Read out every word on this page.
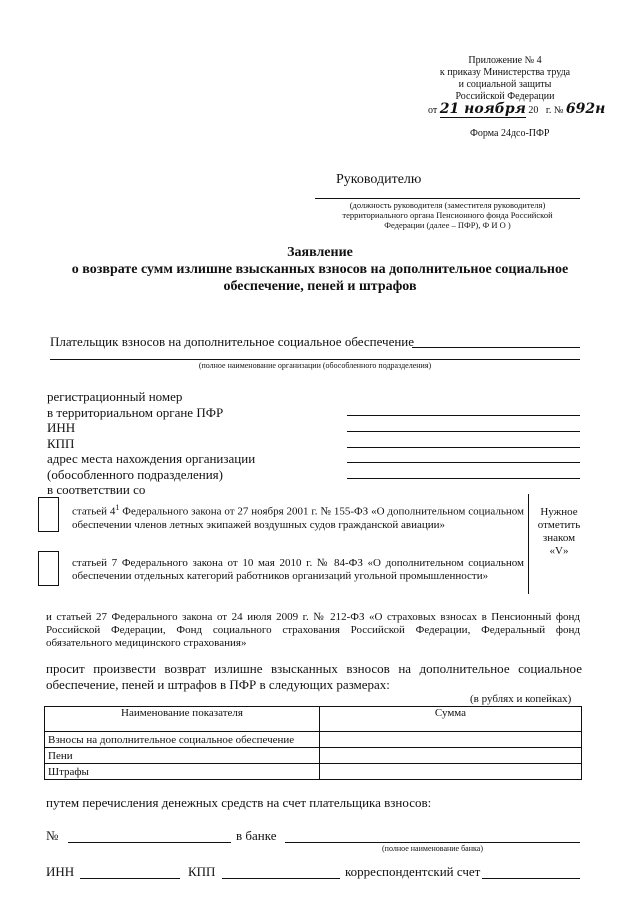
Приложение № 4
к приказу Министерства труда
и социальной защиты
Российской Федерации
от 21 ноября 20 г. № 692н
Форма 24дсо-ПФР
Руководителю
(должность руководителя (заместителя руководителя)
территориального органа Пенсионного фонда Российской
Федерации (далее – ПФР), Ф И О )
Заявление
о возврате сумм излишне взысканных взносов на дополнительное социальное
обеспечение, пеней и штрафов
Плательщик взносов на дополнительное социальное обеспечение
(полное наименование организации (обособленного подразделения)
регистрационный номер
в территориальном органе ПФР
ИНН
КПП
адрес места нахождения организации
(обособленного подразделения)
в соответствии со
статьей $4^1$ Федерального закона от 27 ноября 2001 г. № 155-ФЗ «О дополнительном социальном обеспечении членов летных экипажей воздушных судов гражданской авиации»
статьей 7 Федерального закона от 10 мая 2010 г. № 84-ФЗ «О дополнительном социальном обеспечении отдельных категорий работников организаций угольной промышленности»
Нужное
отметить
знаком
«V»
и статьей 27 Федерального закона от 24 июля 2009 г. № 212-ФЗ «О страховых взносах в Пенсионный фонд Российской Федерации, Фонд социального страхования Российской Федерации, Федеральный фонд обязательного медицинского страхования»
просит произвести возврат излишне взысканных взносов на дополнительное социальное обеспечение, пеней и штрафов в ПФР в следующих размерах:
(в рублях и копейках)
Наименование показателя	Сумма
Взносы на дополнительное социальное обеспечение	
Пени	
Штрафы	
путем перечисления денежных средств на счет плательщика взносов:
№	в банке
(полное наименование банка)
ИНН	КПП	корреспондентский счет
